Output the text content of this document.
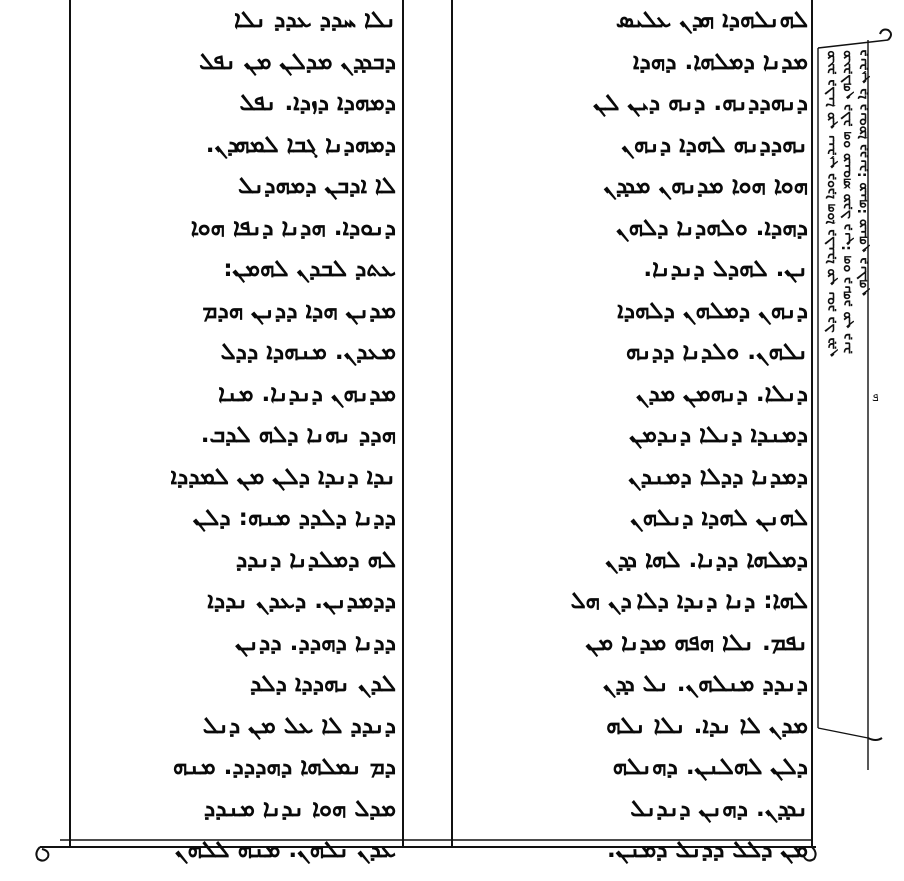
ܢܠܐ ܚܕܕ ܥܕܕ ܢܠܐ
ܕܒܕܕܢ ܡܕܠܢ ܡܢ ܢܦܠ
ܕܡܗܕܐ ܕܙܕܐ. ܢܦܠ
ܕܡܗܕܢܐ ܓܒܐ ܠܡܗܕܢ.
ܠܐ ܐܕܒܢ ܕܡܗܕܢܠ
ܕܢܘܕܐ. ܗܕܢܐ ܕܢܦܐ ܗܘܐ
ܥܬܕ ܠܒܕܢ ܠܗܡܢ:
ܡܕܢܢ ܗܕܐ ܕܕܢܢ ܗܕܡ
ܡܥܕܢ. ܡܢܗܕܐ ܕܕܠ
ܡܕܢܗܢ ܕܢܕܢܐ. ܡܢܐ
ܗܕܕ ܢܗܢܐ ܕܠܗ ܠܕܒ.
ܢܕܐ ܕܢܕܐ ܕܠܢ ܡܢ ܠܡܕܕܐ
ܕܕܢܐ ܕܠܕܕ ܡܢܗ: ܕܠܢ
ܠܗ ܕܡܠܕܢܐ ܕܢܕܕ
ܕܕܡܕܢܢ. ܕܥܕܢ ܢܕܕܐ
ܕܕܢܐ ܕܗܕܕ. ܕܕܢܢ
ܠܕܢ ܢܗܕܕܐ ܕܠܕ
ܕܢܕܕ ܠܐ ܥܠ ܡܢ ܕܢܠ
ܕܡ ܢܡܠܗܐ ܕܗܕܕܕ. ܡܢܗ
ܡܕܠ ܗܘܐ ܢܕܢܐ ܡܢܕܕ
ܥܕܢ ܢܠܗܢ. ܡܢܗ ܠܠܗܢ
ܠܗܢܠܗܕܐ ܗܕܢ ܥܠܝܣ
ܡܕܢܐ ܕܡܠܗܐ. ܕܗܕܐ
ܕܢܗܕܕܢܗ. ܕܢܗ ܕܝܢ ܠܢ
ܢܗܕܕܢܗ ܠܗܕܐ ܕܢܗܢ
ܗܘܐ ܗܘܐ ܡܕܢܗܢ ܡܕܕܢ
ܕܗܕܐ. ܘܠܗܕܢܐ ܕܠܗܢ
ܢܢ. ܠܗܕܠ ܕܢܕܢܐ.
ܕܢܗܢ ܕܡܠܗܢ ܕܠܗܕܐ
ܢܠܗܢ. ܘܠܕܢܐ ܕܕܢܗ
ܕܢܠܐ. ܕܢܗܡܢ ܡܕܢ
ܕܡܢܕܐ ܕܢܠܐ ܕܢܕܡܢ
ܕܡܕܢܐ ܕܕܠܐ ܕܡܢܕܢ
ܠܗܢܢ ܠܗܕܐ ܕܢܠܗܢ
ܕܡܠܗܐ ܕܕܢܐ. ܠܗܐ ܕܕܢ
ܠܗܐ: ܕܢܐ ܕܢܕܐ ܕܠܐ ܕܢ ܗܠ
ܢܦܡ. ܢܠܐ ܗܦܗ ܡܕܢܐ ܡܢ
ܕܢܕܕ ܡܢܠܗܢ. ܢܠ ܕܕܢ
ܡܕܢ ܠܐ ܢܕܐ. ܢܠܐ ܢܠܗ
ܕܠܢ ܠܗܠܢܢ. ܕܗܢܠܗ
ܢܕܕܢ. ܕܗܢܢ ܕܢܕܢܠ
ܡܢ ܕܠܠ ܕܕܢܠ ܕܡܢܢ.
ܡܥܕ ܕܠܢܐ ܡܢ ܢܢܕܝܢ ܕܘܕܐ ܗܘܐ ܕܠܢܕܐ ܡܢ ܢܘܕ ܕܠ ܕܕܢ ܡܥܕܠܗܢ ܕܠܕ ܗܘ ܡܢܘܗܝ ܡܕܠ ܕܢܢ: ܗܘ ܕܢܗܕ ܡܢ ܕܢܕ ܕܢܕܝܢ ܕܐ ܕܢܘܡܐ ܕܕܢܕ: ܡܢܗ: ܡܢܗܢ ܕܢܠܗܢ
ܦ
